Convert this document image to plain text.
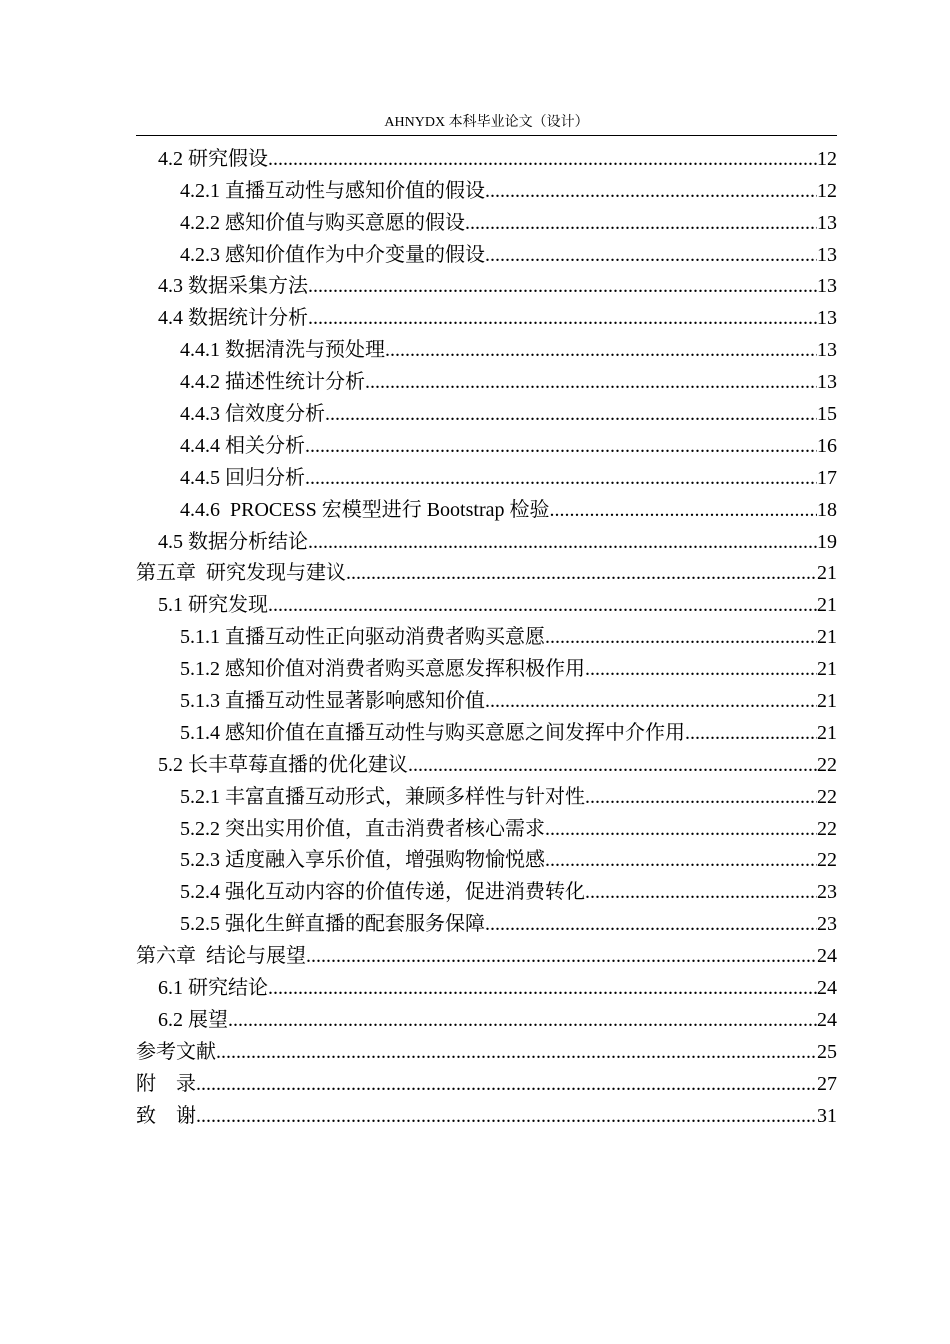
AHNYDX 本科毕业论文（设计）
4.2 研究假设 .....	12
4.2.1 直播互动性与感知价值的假设 .....	12
4.2.2 感知价值与购买意愿的假设 .....	13
4.2.3 感知价值作为中介变量的假设 .....	13
4.3 数据采集方法 .....	13
4.4 数据统计分析 .....	13
4.4.1 数据清洗与预处理 .....	13
4.4.2 描述性统计分析 .....	13
4.4.3 信效度分析 .....	15
4.4.4 相关分析 .....	16
4.4.5 回归分析 .....	17
4.4.6  PROCESS 宏模型进行 Bootstrap 检验 .....	18
4.5 数据分析结论 .....	19
第五章  研究发现与建议 .....	21
5.1 研究发现 .....	21
5.1.1 直播互动性正向驱动消费者购买意愿 .....	21
5.1.2 感知价值对消费者购买意愿发挥积极作用 .....	21
5.1.3 直播互动性显著影响感知价值 .....	21
5.1.4 感知价值在直播互动性与购买意愿之间发挥中介作用 .....	21
5.2 长丰草莓直播的优化建议 .....	22
5.2.1 丰富直播互动形式，兼顾多样性与针对性 .....	22
5.2.2 突出实用价值，直击消费者核心需求 .....	22
5.2.3 适度融入享乐价值，增强购物愉悦感 .....	22
5.2.4 强化互动内容的价值传递，促进消费转化 .....	23
5.2.5 强化生鲜直播的配套服务保障 .....	23
第六章  结论与展望 .....	24
6.1 研究结论 .....	24
6.2 展望 .....	24
参考文献 .....	25
附    录 .....	27
致    谢 .....	31
